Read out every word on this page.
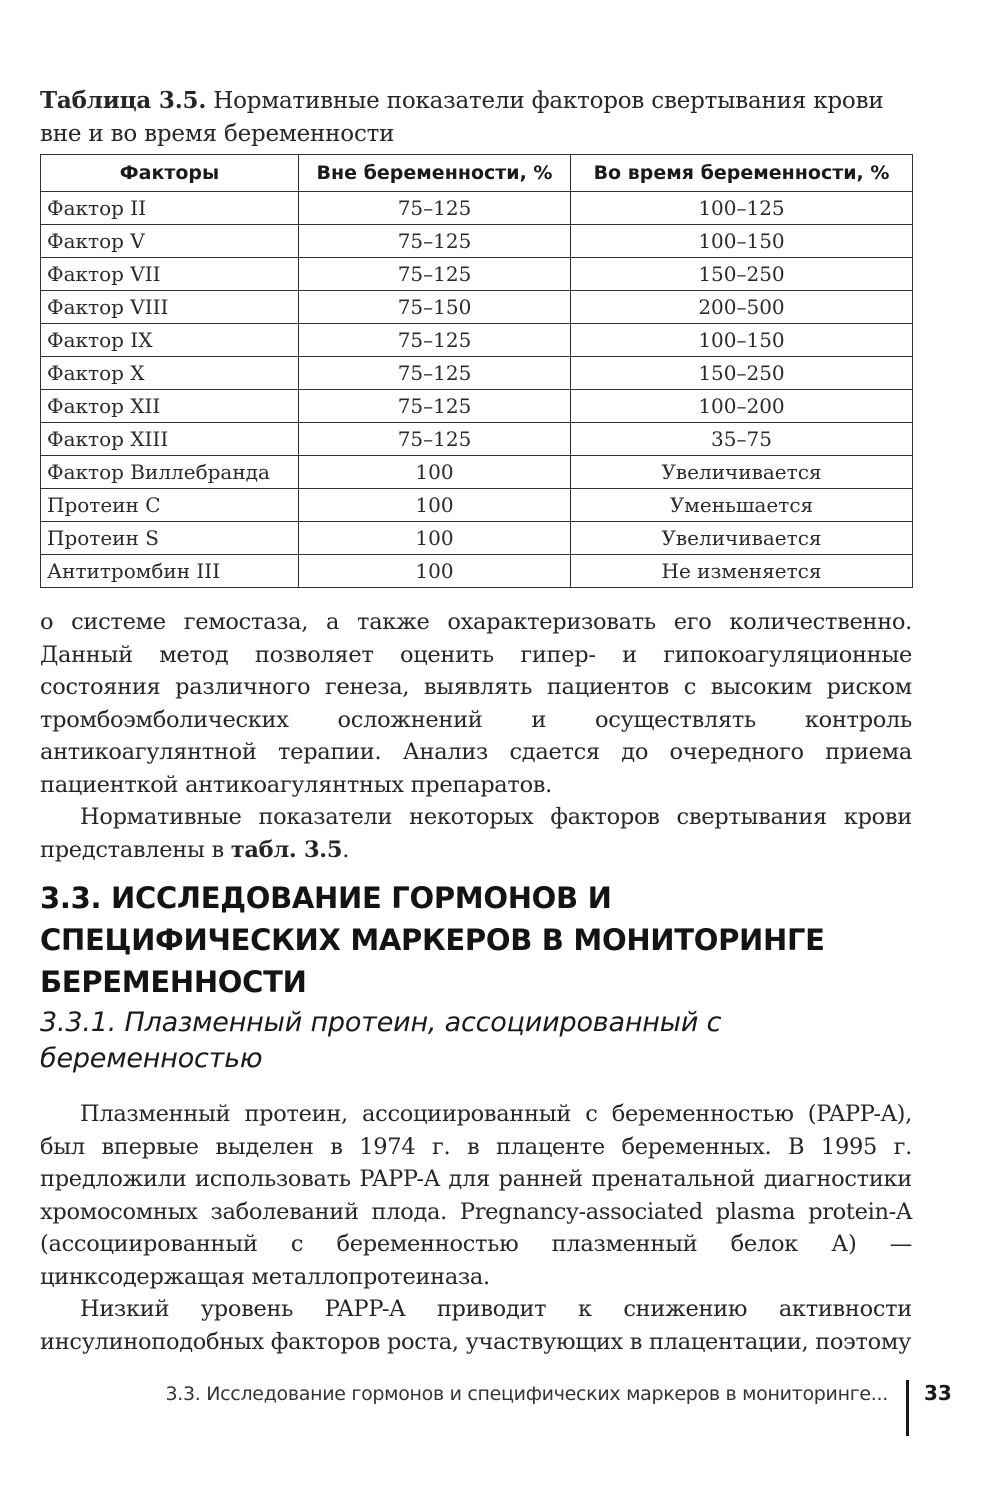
Таблица 3.5. Нормативные показатели факторов свертывания крови вне и во время беременности
Факторы	Вне беременности, %	Во время беременности, %
Фактор II	75–125	100–125
Фактор V	75–125	100–150
Фактор VII	75–125	150–250
Фактор VIII	75–150	200–500
Фактор IX	75–125	100–150
Фактор X	75–125	150–250
Фактор XII	75–125	100–200
Фактор XIII	75–125	35–75
Фактор Виллебранда	100	Увеличивается
Протеин С	100	Уменьшается
Протеин S	100	Увеличивается
Антитромбин III	100	Не изменяется

о системе гемостаза, а также охарактеризовать его количественно. Данный метод позволяет оценить гипер- и гипокоагуляционные состояния различного генеза, выявлять пациентов с высоким риском тромбоэмболических осложнений и осуществлять контроль антикоагулянтной терапии. Анализ сдается до очередного приема пациенткой антикоагулянтных препаратов.

Нормативные показатели некоторых факторов свертывания крови представлены в табл. 3.5.

3.3. ИССЛЕДОВАНИЕ ГОРМОНОВ И СПЕЦИФИЧЕСКИХ МАРКЕРОВ В МОНИТОРИНГЕ БЕРЕМЕННОСТИ
3.3.1. Плазменный протеин, ассоциированный с беременностью

Плазменный протеин, ассоциированный с беременностью (PAPP-A), был впервые выделен в 1974 г. в плаценте беременных. В 1995 г. предложили использовать PAPP-A для ранней пренатальной диагностики хромосомных заболеваний плода. Pregnancy-associated plasma protein-A (ассоциированный с беременностью плазменный белок А) — цинксодержащая металлопротеиназа.

Низкий уровень PAPP-A приводит к снижению активности инсулиноподобных факторов роста, участвующих в плацентации, поэтому

3.3. Исследование гормонов и специфических маркеров в мониторинге... 33
